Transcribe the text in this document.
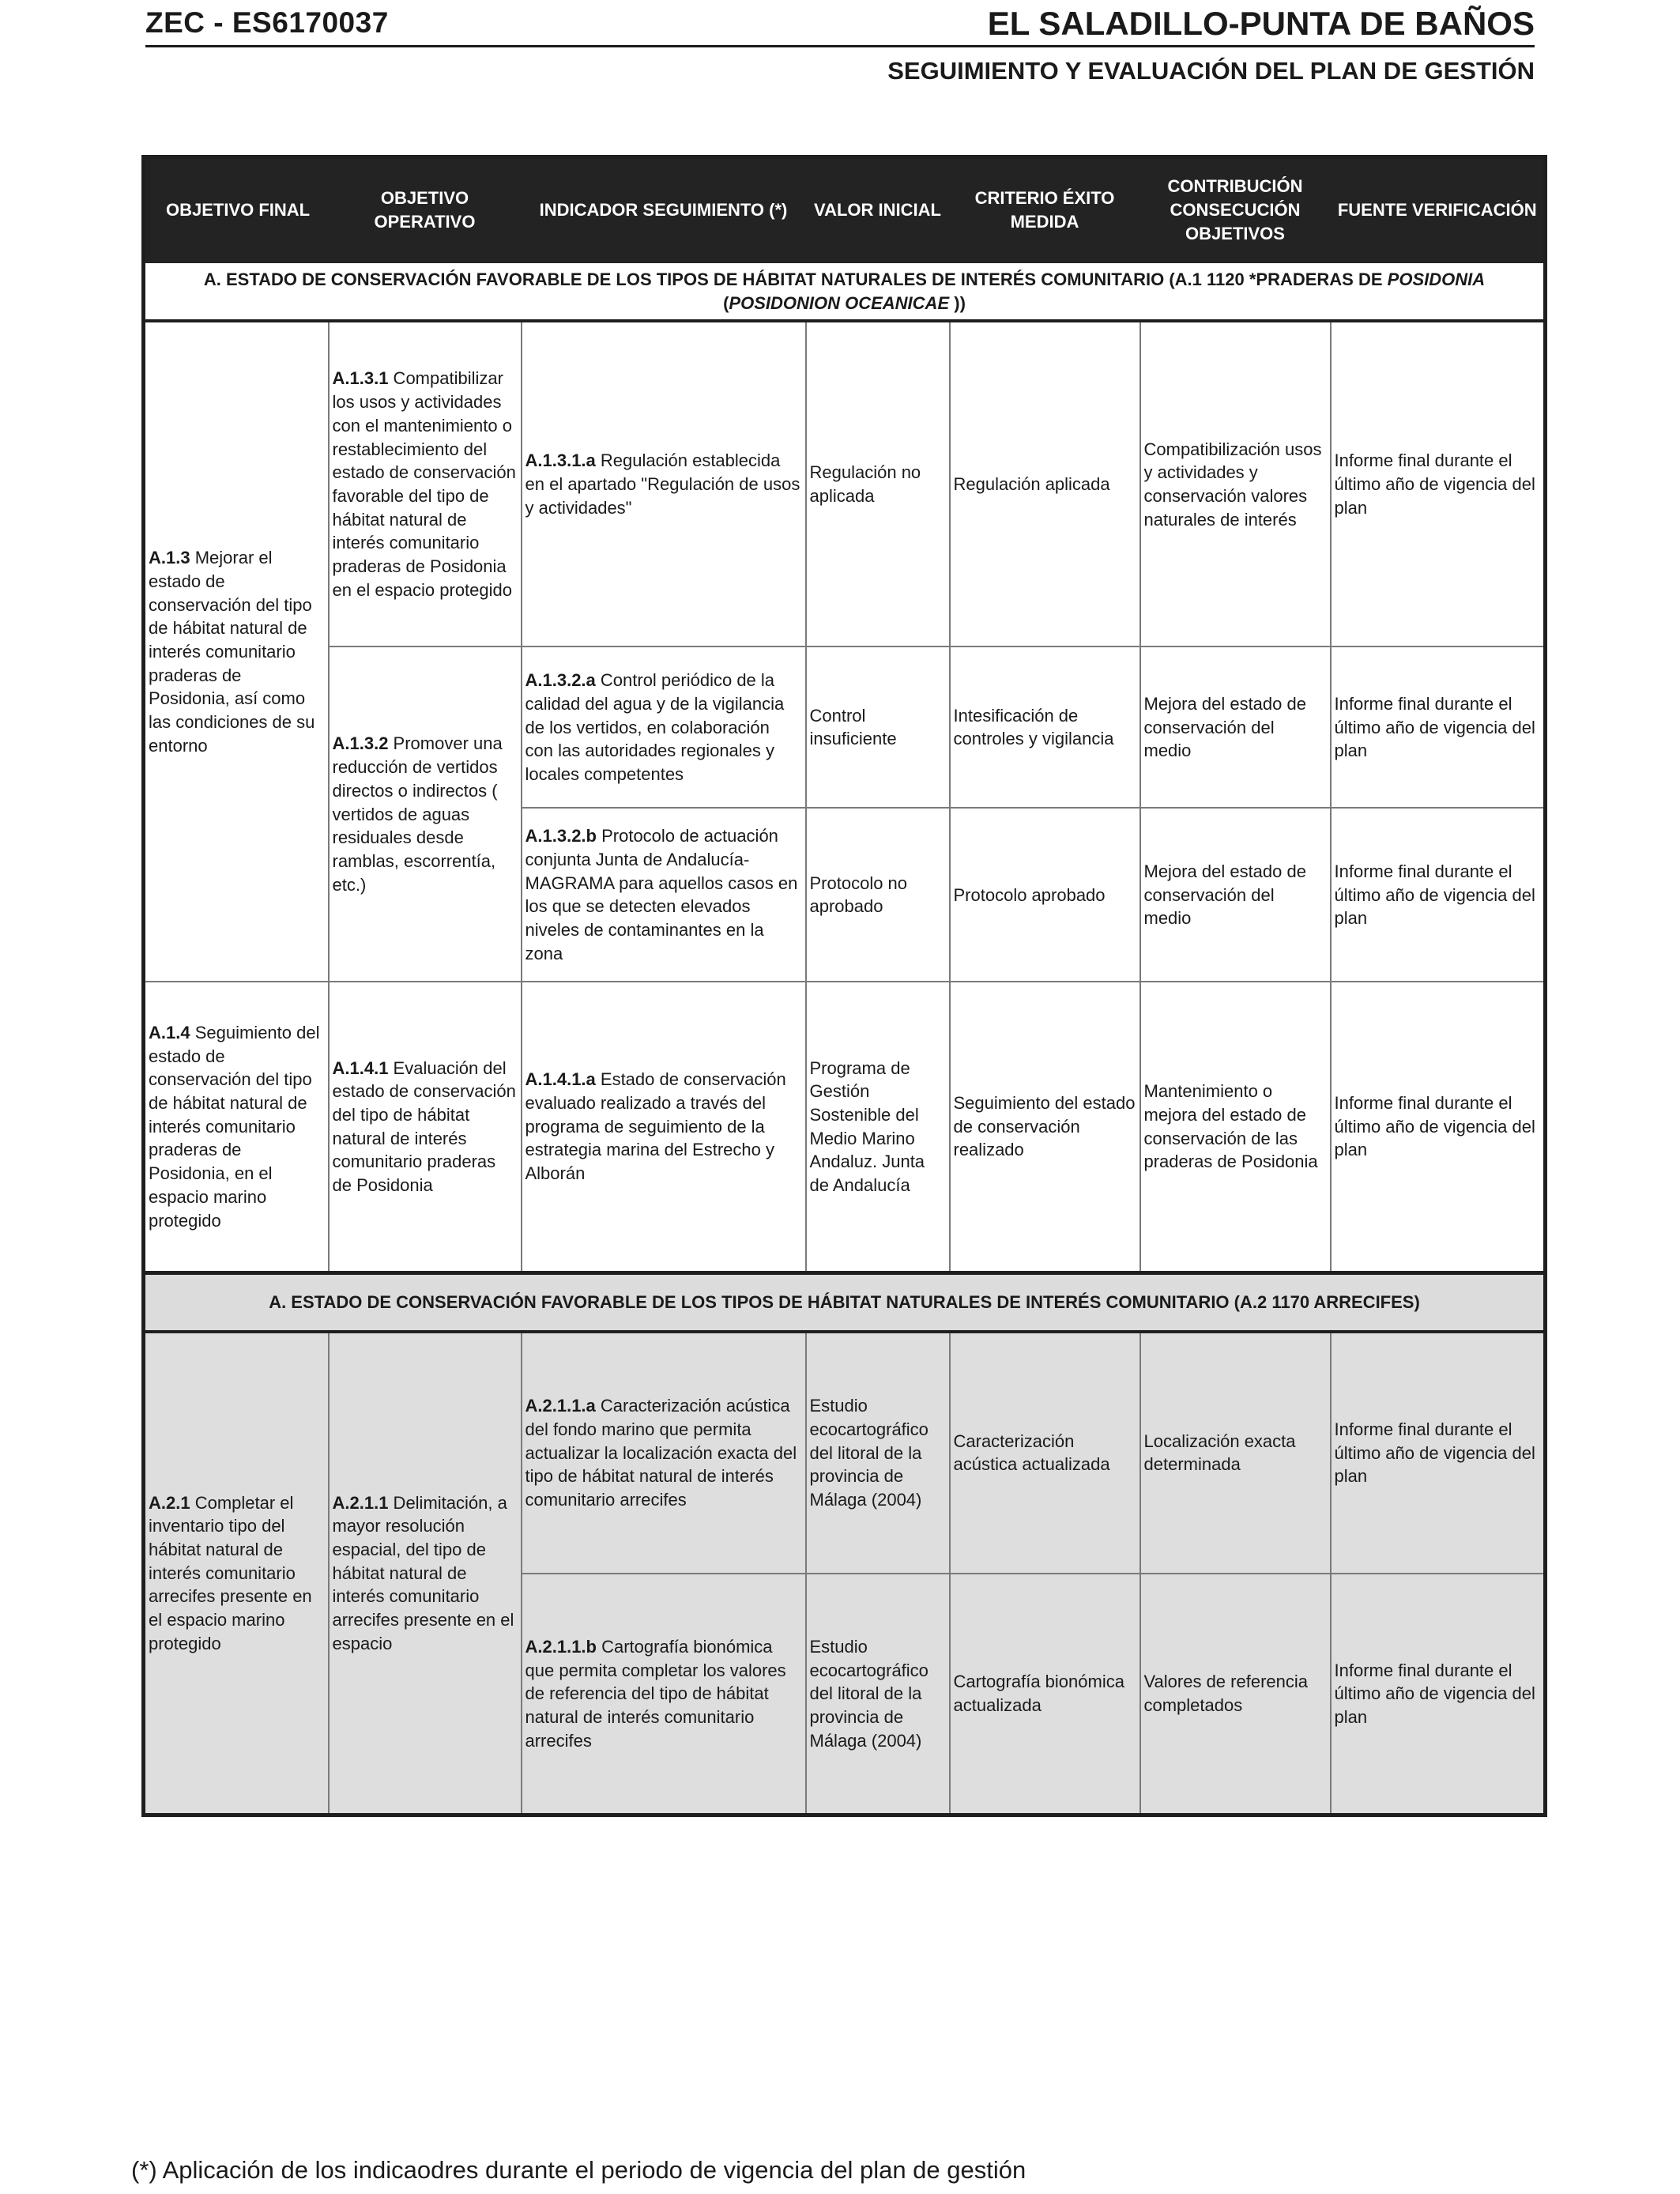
ZEC - ES6170037	EL SALADILLO-PUNTA DE BAÑOS
SEGUIMIENTO Y EVALUACIÓN DEL PLAN DE GESTIÓN
OBJETIVO FINAL	OBJETIVO OPERATIVO	INDICADOR SEGUIMIENTO (*)	VALOR INICIAL	CRITERIO ÉXITO MEDIDA	CONTRIBUCIÓN CONSECUCIÓN OBJETIVOS	FUENTE VERIFICACIÓN
A. ESTADO DE CONSERVACIÓN FAVORABLE DE LOS TIPOS DE HÁBITAT NATURALES DE INTERÉS COMUNITARIO (A.1 1120 *PRADERAS DE POSIDONIA (POSIDONION OCEANICAE ))						
A.1.3 Mejorar el estado de conservación del tipo de hábitat natural de interés comunitario praderas de Posidonia, así como las condiciones de su entorno	A.1.3.1 Compatibilizar los usos y actividades con el mantenimiento o restablecimiento del estado de conservación favorable del tipo de hábitat natural de interés comunitario praderas de Posidonia en el espacio protegido	A.1.3.1.a Regulación establecida en el apartado "Regulación de usos y actividades"	Regulación no aplicada	Regulación aplicada	Compatibilización usos y actividades y conservación valores naturales de interés	Informe final durante el último año de vigencia del plan
	A.1.3.2 Promover una reducción de vertidos directos o indirectos ( vertidos de aguas residuales desde ramblas, escorrentía, etc.)	A.1.3.2.a Control periódico de la calidad del agua y de la vigilancia de los vertidos, en colaboración con las autoridades regionales y locales competentes	Control insuficiente	Intesificación de controles y vigilancia	Mejora del estado de conservación del medio	Informe final durante el último año de vigencia del plan
		A.1.3.2.b Protocolo de actuación conjunta Junta de Andalucía-MAGRAMA para aquellos casos en los que se detecten elevados niveles de contaminantes en la zona	Protocolo no aprobado	Protocolo aprobado	Mejora del estado de conservación del medio	Informe final durante el último año de vigencia del plan
A.1.4 Seguimiento del estado de conservación del tipo de hábitat natural de interés comunitario praderas de Posidonia, en el espacio marino protegido	A.1.4.1 Evaluación del estado de conservación del tipo de hábitat natural de interés comunitario praderas de Posidonia	A.1.4.1.a Estado de conservación evaluado realizado a través del programa de seguimiento de la estrategia marina del Estrecho y Alborán	Programa de Gestión Sostenible del Medio Marino Andaluz. Junta de Andalucía	Seguimiento del estado de conservación realizado	Mantenimiento o mejora del estado de conservación de las praderas de Posidonia	Informe final durante el último año de vigencia del plan
A. ESTADO DE CONSERVACIÓN FAVORABLE DE LOS TIPOS DE HÁBITAT NATURALES DE INTERÉS COMUNITARIO (A.2 1170 ARRECIFES)						
A.2.1 Completar el inventario tipo del hábitat natural de interés comunitario arrecifes presente en el espacio marino protegido	A.2.1.1 Delimitación, a mayor resolución espacial, del tipo de hábitat natural de interés comunitario arrecifes presente en el espacio	A.2.1.1.a Caracterización acústica del fondo marino que permita actualizar la localización exacta del tipo de hábitat natural de interés comunitario arrecifes	Estudio ecocartográfico del litoral de la provincia de Málaga (2004)	Caracterización acústica actualizada	Localización exacta determinada	Informe final durante el último año de vigencia del plan
		A.2.1.1.b Cartografía bionómica que permita completar los valores de referencia del tipo de hábitat natural de interés comunitario arrecifes	Estudio ecocartográfico del litoral de la provincia de Málaga (2004)	Cartografía bionómica actualizada	Valores de referencia completados	Informe final durante el último año de vigencia del plan
(*) Aplicación de los indicaodres durante el periodo de vigencia del plan de gestión
